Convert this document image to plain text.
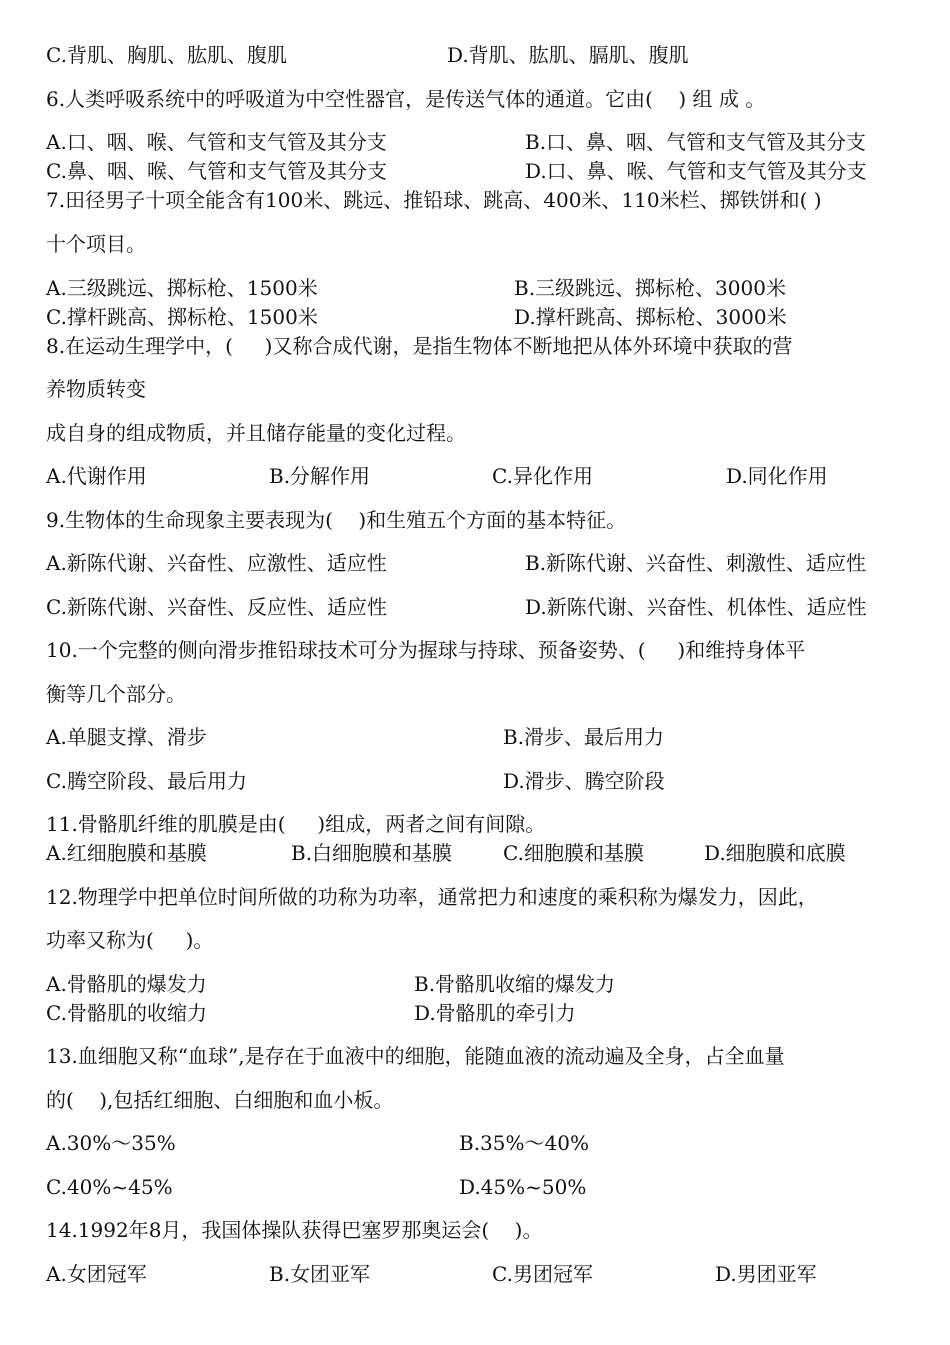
C.背肌、胸肌、肱肌、腹肌	D.背肌、肱肌、膈肌、腹肌
6.人类呼吸系统中的呼吸道为中空性器官，是传送气体的通道。它由(    ) 组 成 。
A.口、咽、喉、气管和支气管及其分支	B.口、鼻、咽、气管和支气管及其分支
C.鼻、咽、喉、气管和支气管及其分支	D.口、鼻、喉、气管和支气管及其分支
7.田径男子十项全能含有100米、跳远、推铅球、跳高、400米、110米栏、掷铁饼和( )
十个项目。
A.三级跳远、掷标枪、1500米	B.三级跳远、掷标枪、3000米
C.撑杆跳高、掷标枪、1500米	D.撑杆跳高、掷标枪、3000米
8.在运动生理学中，(     )又称合成代谢，是指生物体不断地把从体外环境中获取的营
养物质转变
成自身的组成物质，并且储存能量的变化过程。
A.代谢作用	B.分解作用	C.异化作用	D.同化作用
9.生物体的生命现象主要表现为(    )和生殖五个方面的基本特征。
A.新陈代谢、兴奋性、应激性、适应性	B.新陈代谢、兴奋性、刺激性、适应性
C.新陈代谢、兴奋性、反应性、适应性	D.新陈代谢、兴奋性、机体性、适应性
10.一个完整的侧向滑步推铅球技术可分为握球与持球、预备姿势、(     )和维持身体平
衡等几个部分。
A.单腿支撑、滑步	B.滑步、最后用力
C.腾空阶段、最后用力	D.滑步、腾空阶段
11.骨骼肌纤维的肌膜是由(     )组成，两者之间有间隙。
A.红细胞膜和基膜	B.白细胞膜和基膜	C.细胞膜和基膜	D.细胞膜和底膜
12.物理学中把单位时间所做的功称为功率，通常把力和速度的乘积称为爆发力，因此，
功率又称为(     )。
A.骨骼肌的爆发力	B.骨骼肌收缩的爆发力
C.骨骼肌的收缩力	D.骨骼肌的牵引力
13.血细胞又称“血球”,是存在于血液中的细胞，能随血液的流动遍及全身，占全血量
的(    ),包括红细胞、白细胞和血小板。
A.30%～35%	B.35%～40%
C.40%~45%	D.45%~50%
14.1992年8月，我国体操队获得巴塞罗那奥运会(    )。
A.女团冠军	B.女团亚军	C.男团冠军	D.男团亚军
